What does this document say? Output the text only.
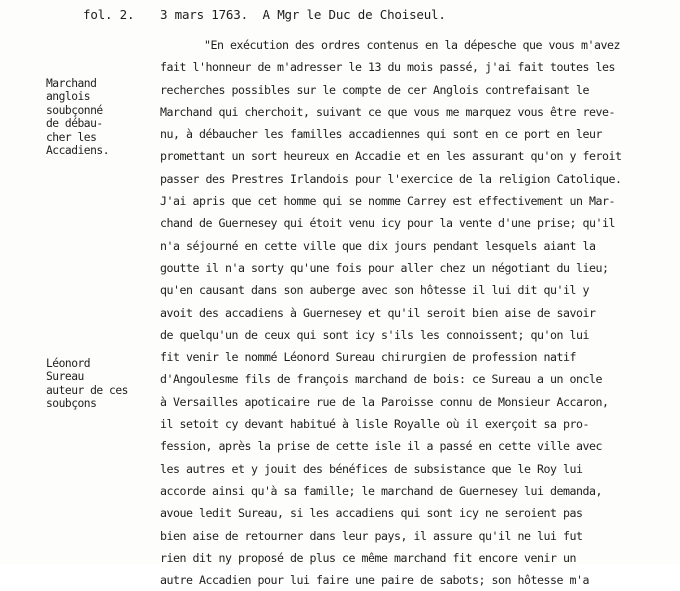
fol. 2. 3 mars 1763.  A Mgr le Duc de Choiseul.
Marchand
anglois
soubçonné
de débau-
cher les
Accadiens.
Léonord
Sureau
auteur de ces
soubçons
"En exécution des ordres contenus en la dépesche que vous m'avez
fait l'honneur de m'adresser le 13 du mois passé, j'ai fait toutes les
recherches possibles sur le compte de cer Anglois contrefaisant le
Marchand qui cherchoit, suivant ce que vous me marquez vous être reve-
nu, à débaucher les familles accadiennes qui sont en ce port en leur
promettant un sort heureux en Accadie et en les assurant qu'on y feroit
passer des Prestres Irlandois pour l'exercice de la religion Catolique.
J'ai apris que cet homme qui se nomme Carrey est effectivement un Mar-
chand de Guernesey qui étoit venu icy pour la vente d'une prise; qu'il
n'a séjourné en cette ville que dix jours pendant lesquels aiant la
goutte il n'a sorty qu'une fois pour aller chez un négotiant du lieu;
qu'en causant dans son auberge avec son hôtesse il lui dit qu'il y
avoit des accadiens à Guernesey et qu'il seroit bien aise de savoir
de quelqu'un de ceux qui sont icy s'ils les connoissent; qu'on lui
fit venir le nommé Léonord Sureau chirurgien de profession natif
d'Angoulesme fils de françois marchand de bois: ce Sureau a un oncle
à Versailles apoticaire rue de la Paroisse connu de Monsieur Accaron,
il setoit cy devant habitué à lisle Royalle où il exerçoit sa pro-
fession, après la prise de cette isle il a passé en cette ville avec
les autres et y jouit des bénéfices de subsistance que le Roy lui
accorde ainsi qu'à sa famille; le marchand de Guernesey lui demanda,
avoue ledit Sureau, si les accadiens qui sont icy ne seroient pas
bien aise de retourner dans leur pays, il assure qu'il ne lui fut
rien dit ny proposé de plus ce même marchand fit encore venir un
autre Accadien pour lui faire une paire de sabots; son hôtesse m'a
